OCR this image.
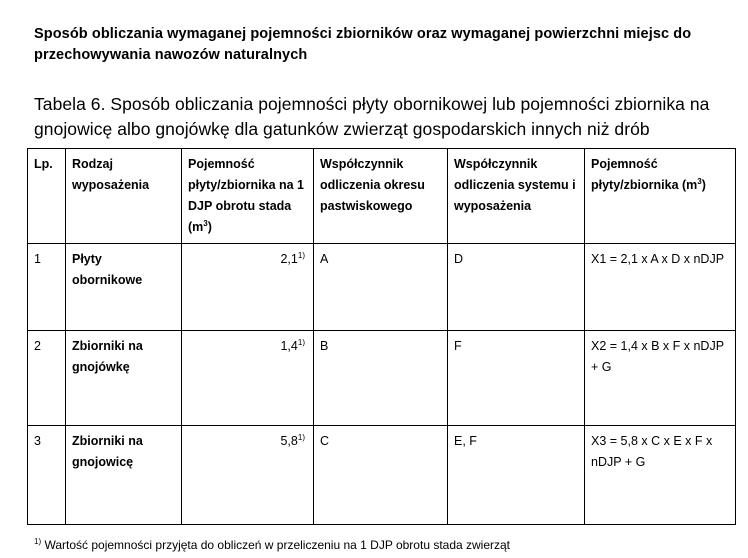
Sposób obliczania wymaganej pojemności zbiorników oraz wymaganej powierzchni miejsc do przechowywania nawozów naturalnych
Tabela 6. Sposób obliczania pojemności płyty obornikowej lub pojemności zbiornika na gnojowicę albo gnojówkę dla gatunków zwierząt gospodarskich innych niż drób
Lp.	Rodzaj wyposażenia	Pojemność płyty/zbiornika na 1 DJP obrotu stada $(m^3)$	Współczynnik odliczenia okresu pastwiskowego	Współczynnik odliczenia systemu i wyposażenia	Pojemność płyty/zbiornika $(m^3)$
1	Płyty obornikowe	2,1$^{1)}$	A	D	X1 = 2,1 x A x D x nDJP
2	Zbiorniki na gnojówkę	1,4$^{1)}$	B	F	X2 = 1,4 x B x F x nDJP + G
3	Zbiorniki na gnojowicę	5,8$^{1)}$	C	E, F	X3 = 5,8 x C x E x F x nDJP + G
$^{1)}$ Wartość pojemności przyjęta do obliczeń w przeliczeniu na 1 DJP obrotu stada zwierząt
